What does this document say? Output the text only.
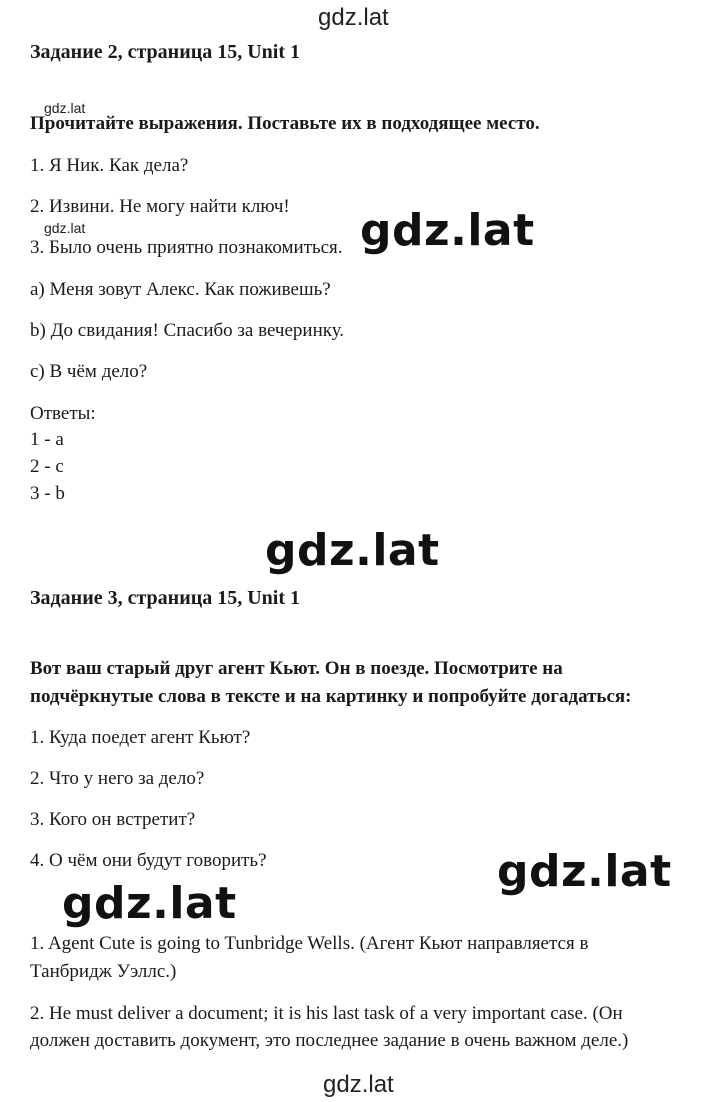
gdz.lat
Задание 2, страница 15, Unit 1
gdz.lat
Прочитайте выражения. Поставьте их в подходящее место.
1. Я Ник. Как дела?
2. Извини. Не могу найти ключ!
gdz.lat
3. Было очень приятно познакомиться. gdz.lat
a) Меня зовут Алекс. Как поживешь?
b) До свидания! Спасибо за вечеринку.
c) В чём дело?
Ответы:
1 - a
2 - c
3 - b
gdz.lat
Задание 3, страница 15, Unit 1
Вот ваш старый друг агент Кьют. Он в поезде. Посмотрите на
подчёркнутые слова в тексте и на картинку и попробуйте догадаться:
1. Куда поедет агент Кьют?
2. Что у него за дело?
3. Кого он встретит?
4. О чём они будут говорить?	gdz.lat
gdz.lat
1. Agent Cute is going to Tunbridge Wells. (Агент Кьют направляется в
Танбридж Уэллс.)
2. He must deliver a document; it is his last task of a very important case. (Он
должен доставить документ, это последнее задание в очень важном деле.)
gdz.lat
